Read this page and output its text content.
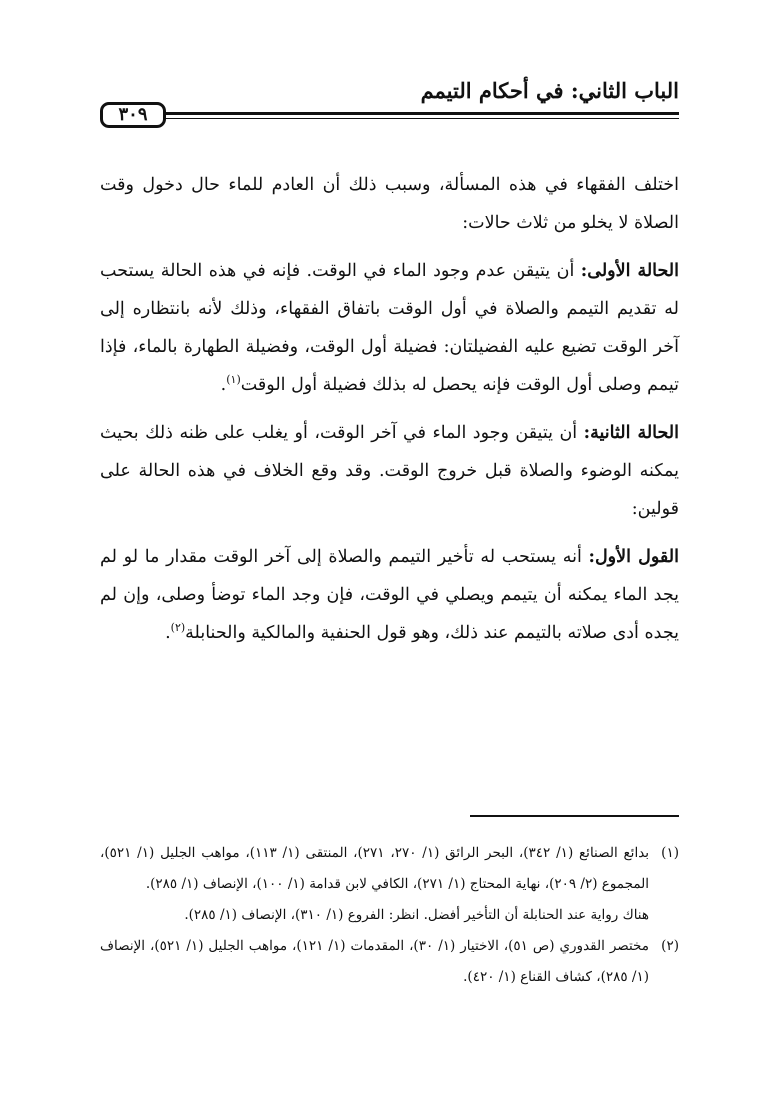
الباب الثاني: في أحكام التيمم
٣٠٩

اختلف الفقهاء في هذه المسألة، وسبب ذلك أن العادم للماء حال دخول وقت الصلاة لا يخلو من ثلاث حالات:

الحالة الأولى: أن يتيقن عدم وجود الماء في الوقت. فإنه في هذه الحالة يستحب له تقديم التيمم والصلاة في أول الوقت باتفاق الفقهاء، وذلك لأنه بانتظاره إلى آخر الوقت تضيع عليه الفضيلتان: فضيلة أول الوقت، وفضيلة الطهارة بالماء، فإذا تيمم وصلى أول الوقت فإنه يحصل له بذلك فضيلة أول الوقت$^{(١)}$.

الحالة الثانية: أن يتيقن وجود الماء في آخر الوقت، أو يغلب على ظنه ذلك بحيث يمكنه الوضوء والصلاة قبل خروج الوقت. وقد وقع الخلاف في هذه الحالة على قولين:

القول الأول: أنه يستحب له تأخير التيمم والصلاة إلى آخر الوقت مقدار ما لو لم يجد الماء يمكنه أن يتيمم ويصلي في الوقت، فإن وجد الماء توضأ وصلى، وإن لم يجده أدى صلاته بالتيمم عند ذلك، وهو قول الحنفية والمالكية والحنابلة$^{(٢)}$.

(١)
بدائع الصنائع (١/ ٣٤٢)، البحر الرائق (١/ ٢٧٠، ٢٧١)، المنتقى (١/ ١١٣)، مواهب الجليل (١/ ٥٢١)، المجموع (٢/ ٢٠٩)، نهاية المحتاج (١/ ٢٧١)، الكافي لابن قدامة (١/ ١٠٠)، الإنصاف (١/ ٢٨٥).

هناك رواية عند الحنابلة أن التأخير أفضل. انظر: الفروع (١/ ٣١٠)، الإنصاف (١/ ٢٨٥).

(٢)
مختصر القدوري (ص ٥١)، الاختيار (١/ ٣٠)، المقدمات (١/ ١٢١)، مواهب الجليل (١/ ٥٢١)، الإنصاف (١/ ٢٨٥)، كشاف القناع (١/ ٤٢٠).
